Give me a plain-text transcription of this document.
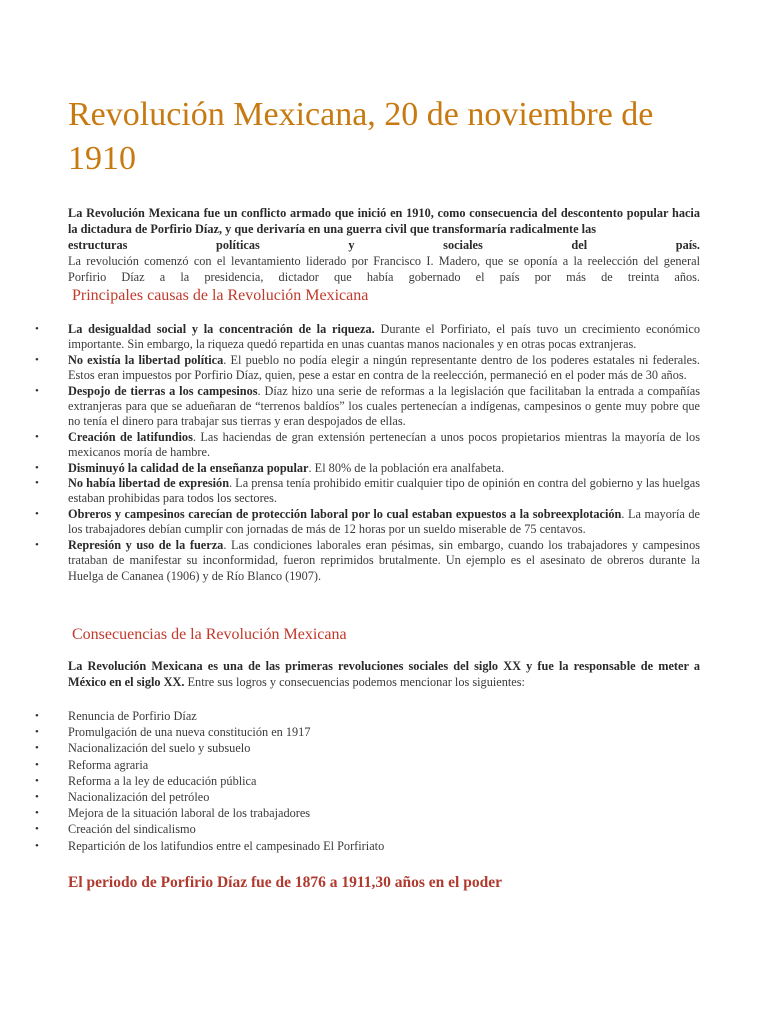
Revolución Mexicana, 20 de noviembre de 1910
La Revolución Mexicana fue un conflicto armado que inició en 1910, como consecuencia del descontento popular hacia la dictadura de Porfirio Díaz, y que derivaría en una guerra civil que transformaría radicalmente las
estructuras políticas y sociales del país.
La revolución comenzó con el levantamiento liderado por Francisco I. Madero, que se oponía a la reelección del general Porfirio Díaz a la presidencia, dictador que había gobernado el país por más de treinta años.
Principales causas de la Revolución Mexicana
• La desigualdad social y la concentración de la riqueza. Durante el Porfiriato, el país tuvo un crecimiento económico importante. Sin embargo, la riqueza quedó repartida en unas cuantas manos nacionales y en otras pocas extranjeras.
• No existía la libertad política. El pueblo no podía elegir a ningún representante dentro de los poderes estatales ni federales. Estos eran impuestos por Porfirio Díaz, quien, pese a estar en contra de la reelección, permaneció en el poder más de 30 años.
• Despojo de tierras a los campesinos. Díaz hizo una serie de reformas a la legislación que facilitaban la entrada a compañías extranjeras para que se adueñaran de “terrenos baldíos” los cuales pertenecían a indígenas, campesinos o gente muy pobre que no tenía el dinero para trabajar sus tierras y eran despojados de ellas.
• Creación de latifundios. Las haciendas de gran extensión pertenecían a unos pocos propietarios mientras la mayoría de los mexicanos moría de hambre.
• Disminuyó la calidad de la enseñanza popular. El 80% de la población era analfabeta.
• No había libertad de expresión. La prensa tenía prohibido emitir cualquier tipo de opinión en contra del gobierno y las huelgas estaban prohibidas para todos los sectores.
• Obreros y campesinos carecían de protección laboral por lo cual estaban expuestos a la sobreexplotación. La mayoría de los trabajadores debían cumplir con jornadas de más de 12 horas por un sueldo miserable de 75 centavos.
• Represión y uso de la fuerza. Las condiciones laborales eran pésimas, sin embargo, cuando los trabajadores y campesinos trataban de manifestar su inconformidad, fueron reprimidos brutalmente. Un ejemplo es el asesinato de obreros durante la Huelga de Cananea (1906) y de Río Blanco (1907).
Consecuencias de la Revolución Mexicana
La Revolución Mexicana es una de las primeras revoluciones sociales del siglo XX y fue la responsable de meter a México en el siglo XX. Entre sus logros y consecuencias podemos mencionar los siguientes:
• Renuncia de Porfirio Díaz
• Promulgación de una nueva constitución en 1917
• Nacionalización del suelo y subsuelo
• Reforma agraria
• Reforma a la ley de educación pública
• Nacionalización del petróleo
• Mejora de la situación laboral de los trabajadores
• Creación del sindicalismo
• Repartición de los latifundios entre el campesinado El Porfiriato
El periodo de Porfirio Díaz fue de 1876 a 1911,30 años en el poder
